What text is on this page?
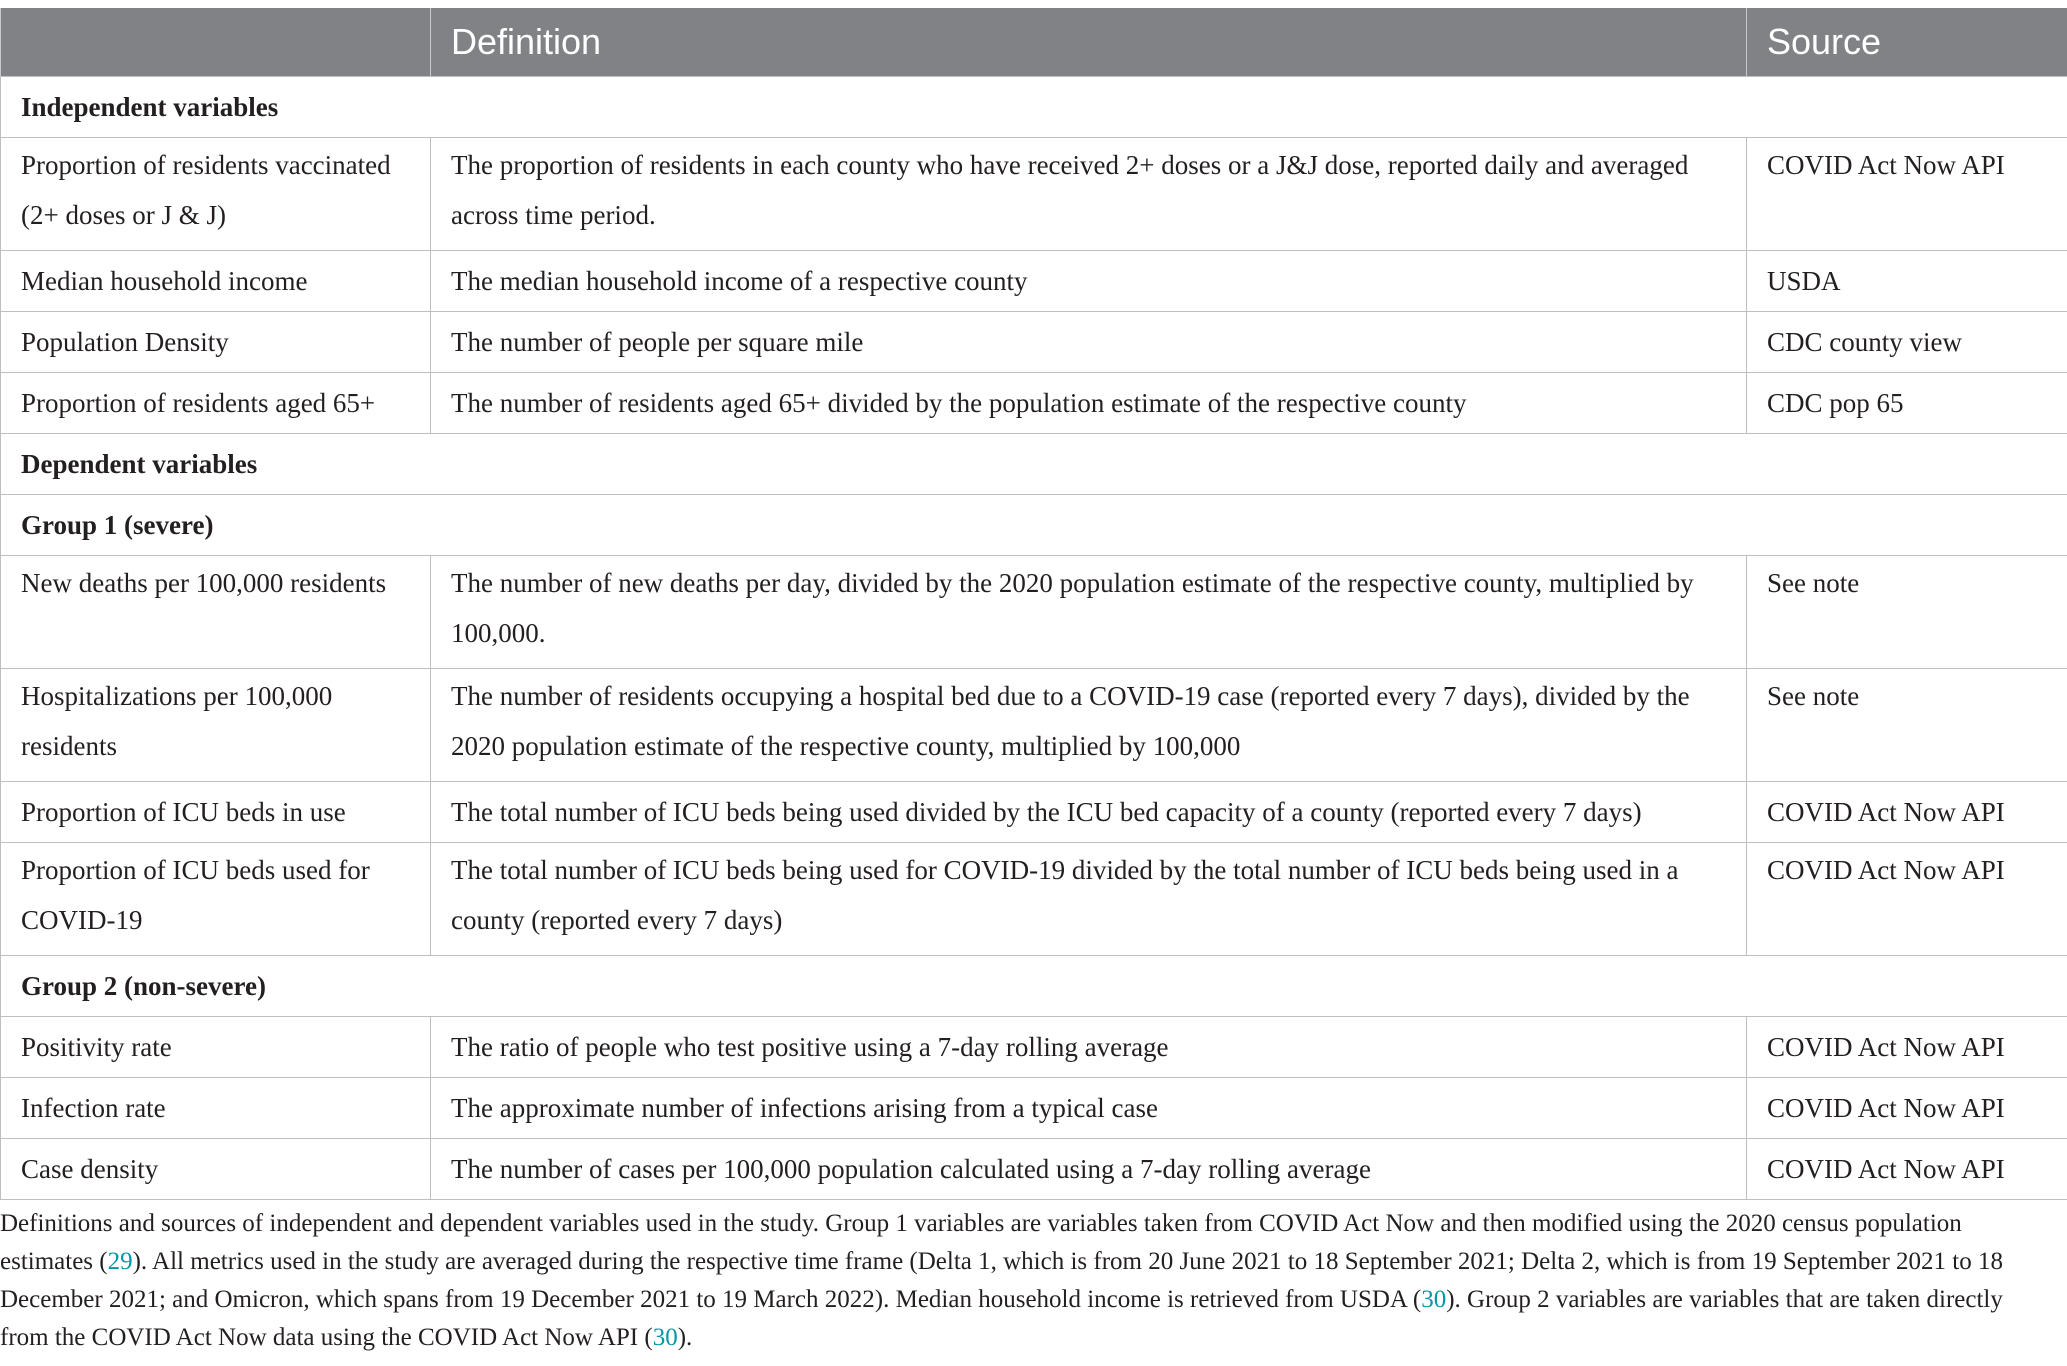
	Definition	Source
Independent variables		
Proportion of residents vaccinated (2+ doses or J & J)	The proportion of residents in each county who have received 2+ doses or a J&J dose, reported daily and averaged across time period.	COVID Act Now API
Median household income	The median household income of a respective county	USDA
Population Density	The number of people per square mile	CDC county view
Proportion of residents aged 65+	The number of residents aged 65+ divided by the population estimate of the respective county	CDC pop 65
Dependent variables		
Group 1 (severe)		
New deaths per 100,000 residents	The number of new deaths per day, divided by the 2020 population estimate of the respective county, multiplied by 100,000.	See note
Hospitalizations per 100,000 residents	The number of residents occupying a hospital bed due to a COVID-19 case (reported every 7 days), divided by the 2020 population estimate of the respective county, multiplied by 100,000	See note
Proportion of ICU beds in use	The total number of ICU beds being used divided by the ICU bed capacity of a county (reported every 7 days)	COVID Act Now API
Proportion of ICU beds used for COVID-19	The total number of ICU beds being used for COVID-19 divided by the total number of ICU beds being used in a county (reported every 7 days)	COVID Act Now API
Group 2 (non-severe)		
Positivity rate	The ratio of people who test positive using a 7-day rolling average	COVID Act Now API
Infection rate	The approximate number of infections arising from a typical case	COVID Act Now API
Case density	The number of cases per 100,000 population calculated using a 7-day rolling average	COVID Act Now API
Definitions and sources of independent and dependent variables used in the study. Group 1 variables are variables taken from COVID Act Now and then modified using the 2020 census population estimates (29). All metrics used in the study are averaged during the respective time frame (Delta 1, which is from 20 June 2021 to 18 September 2021; Delta 2, which is from 19 September 2021 to 18 December 2021; and Omicron, which spans from 19 December 2021 to 19 March 2022). Median household income is retrieved from USDA (30). Group 2 variables are variables that are taken directly from the COVID Act Now data using the COVID Act Now API (30).
